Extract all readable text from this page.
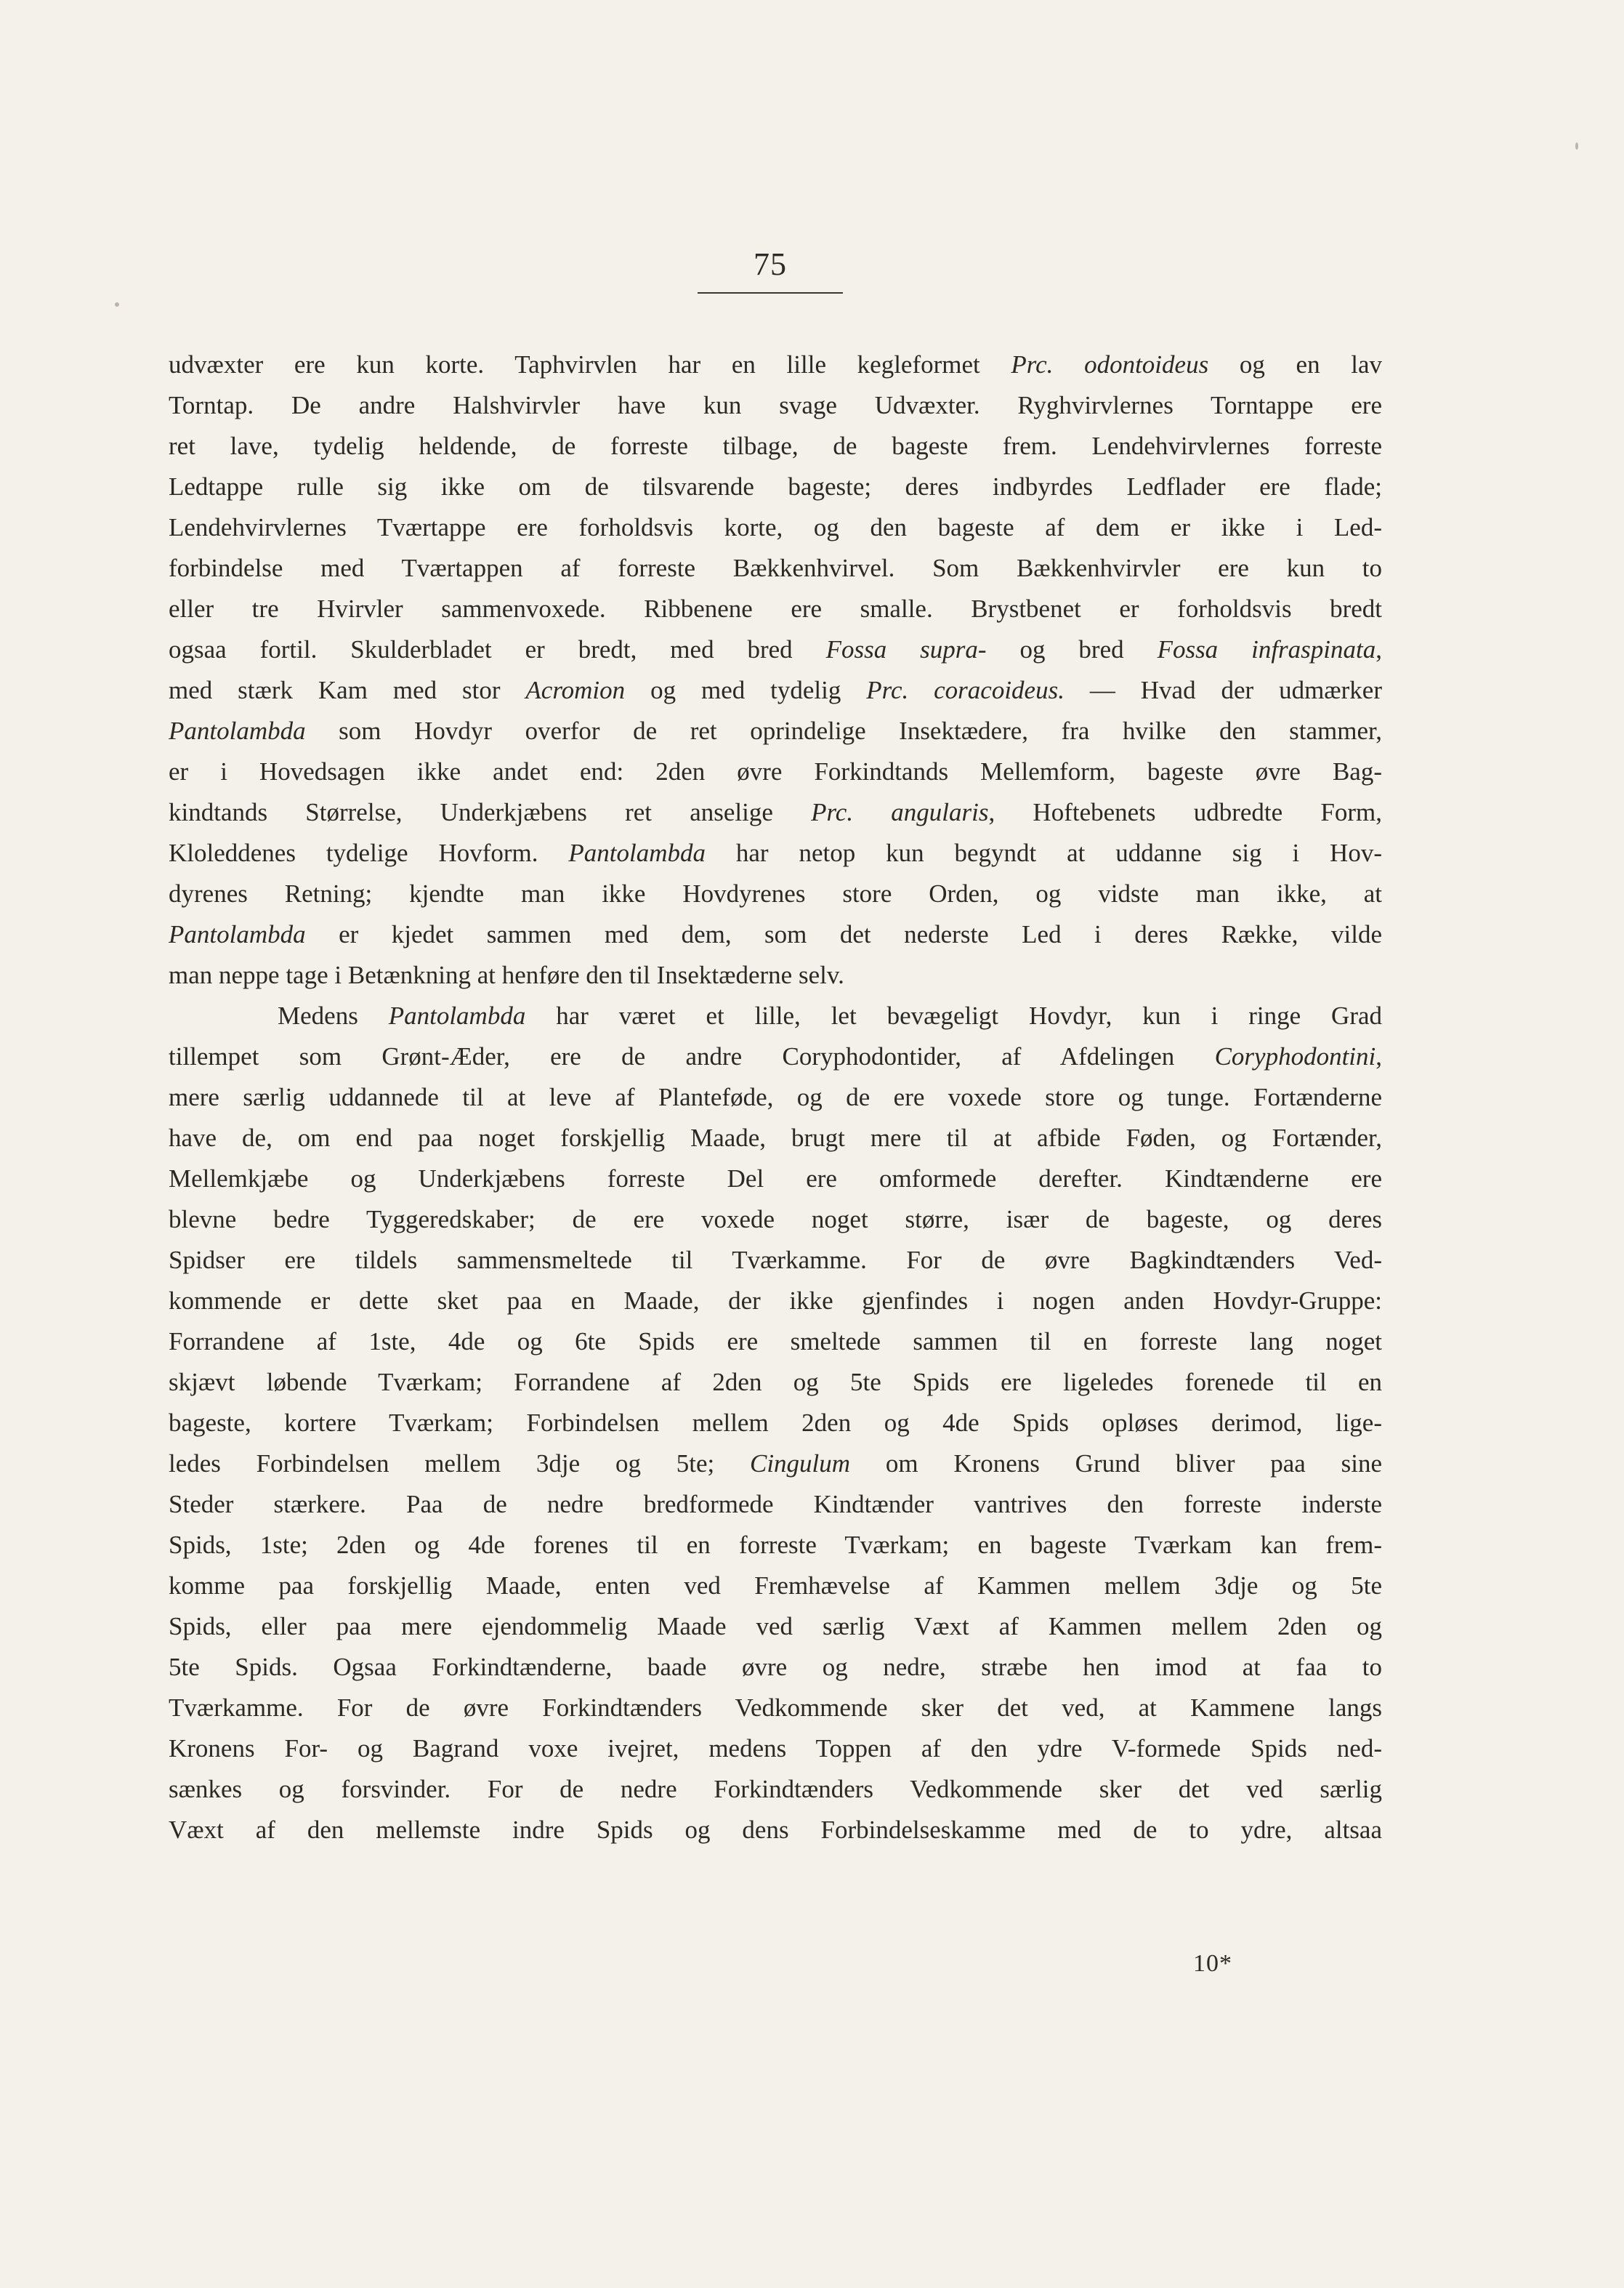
75
udvæxter ere kun korte. Taphvirvlen har en lille kegleformet Prc. odontoideus og en lav
Torntap. De andre Halshvirvler have kun svage Udvæxter. Ryghvirvlernes Torntappe ere
ret lave, tydelig heldende, de forreste tilbage, de bageste frem. Lendehvirvlernes forreste
Ledtappe rulle sig ikke om de tilsvarende bageste; deres indbyrdes Ledflader ere flade;
Lendehvirvlernes Tværtappe ere forholdsvis korte, og den bageste af dem er ikke i Led-
forbindelse med Tværtappen af forreste Bækkenhvirvel. Som Bækkenhvirvler ere kun to
eller tre Hvirvler sammenvoxede. Ribbenene ere smalle. Brystbenet er forholdsvis bredt
ogsaa fortil. Skulderbladet er bredt, med bred Fossa supra- og bred Fossa infraspinata,
med stærk Kam med stor Acromion og med tydelig Prc. coracoideus. — Hvad der udmærker
Pantolambda som Hovdyr overfor de ret oprindelige Insektædere, fra hvilke den stammer,
er i Hovedsagen ikke andet end: 2den øvre Forkindtands Mellemform, bageste øvre Bag-
kindtands Størrelse, Underkjæbens ret anselige Prc. angularis, Hoftebenets udbredte Form,
Kloleddenes tydelige Hovform. Pantolambda har netop kun begyndt at uddanne sig i Hov-
dyrenes Retning; kjendte man ikke Hovdyrenes store Orden, og vidste man ikke, at
Pantolambda er kjedet sammen med dem, som det nederste Led i deres Række, vilde
man neppe tage i Betænkning at henføre den til Insektæderne selv.
Medens Pantolambda har været et lille, let bevægeligt Hovdyr, kun i ringe Grad
tillempet som Grønt-Æder, ere de andre Coryphodontider, af Afdelingen Coryphodontini,
mere særlig uddannede til at leve af Planteføde, og de ere voxede store og tunge. Fortænderne
have de, om end paa noget forskjellig Maade, brugt mere til at afbide Føden, og Fortænder,
Mellemkjæbe og Underkjæbens forreste Del ere omformede derefter. Kindtænderne ere
blevne bedre Tyggeredskaber; de ere voxede noget større, især de bageste, og deres
Spidser ere tildels sammensmeltede til Tværkamme. For de øvre Bagkindtænders Ved-
kommende er dette sket paa en Maade, der ikke gjenfindes i nogen anden Hovdyr-Gruppe:
Forrandene af 1ste, 4de og 6te Spids ere smeltede sammen til en forreste lang noget
skjævt løbende Tværkam; Forrandene af 2den og 5te Spids ere ligeledes forenede til en
bageste, kortere Tværkam; Forbindelsen mellem 2den og 4de Spids opløses derimod, lige-
ledes Forbindelsen mellem 3dje og 5te; Cingulum om Kronens Grund bliver paa sine
Steder stærkere. Paa de nedre bredformede Kindtænder vantrives den forreste inderste
Spids, 1ste; 2den og 4de forenes til en forreste Tværkam; en bageste Tværkam kan frem-
komme paa forskjellig Maade, enten ved Fremhævelse af Kammen mellem 3dje og 5te
Spids, eller paa mere ejendommelig Maade ved særlig Væxt af Kammen mellem 2den og
5te Spids. Ogsaa Forkindtænderne, baade øvre og nedre, stræbe hen imod at faa to
Tværkamme. For de øvre Forkindtænders Vedkommende sker det ved, at Kammene langs
Kronens For- og Bagrand voxe ivejret, medens Toppen af den ydre V-formede Spids ned-
sænkes og forsvinder. For de nedre Forkindtænders Vedkommende sker det ved særlig
Væxt af den mellemste indre Spids og dens Forbindelseskamme med de to ydre, altsaa
10*
